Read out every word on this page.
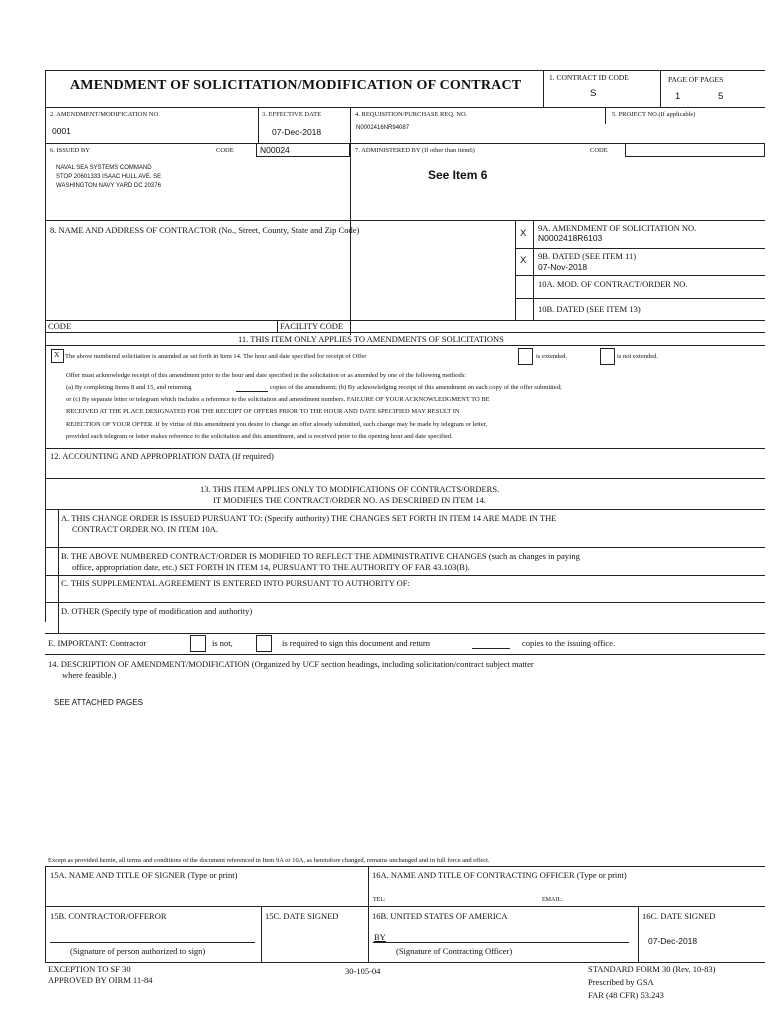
AMENDMENT OF SOLICITATION/MODIFICATION OF CONTRACT
1. CONTRACT ID CODE
S
PAGE OF PAGES
1	5
2. AMENDMENT/MODIFICATION NO.
0001
3. EFFECTIVE DATE
07-Dec-2018
4. REQUISITION/PURCHASE REQ. NO.
N0002416NR94087
5. PROJECT NO.(If applicable)
6. ISSUED BY	CODE	N00024	7. ADMINISTERED BY (If other than item6)	CODE
NAVAL SEA SYSTEMS COMMAND
STOP 20601333 ISAAC HULL AVE. SE
WASHINGTON NAVY YARD DC 20376
See Item 6
8. NAME AND ADDRESS OF CONTRACTOR (No., Street, County, State and Zip Code)
CODE	FACILITY CODE
X 9A. AMENDMENT OF SOLICITATION NO.
N0002418R6103
X 9B. DATED (SEE ITEM 11)
07-Nov-2018
10A. MOD. OF CONTRACT/ORDER NO.
10B. DATED (SEE ITEM 13)
11. THIS ITEM ONLY APPLIES TO AMENDMENTS OF SOLICITATIONS
X The above numbered solicitation is amended as set forth in Item 14. The hour and date specified for receipt of Offer	is extended.	is not extended.
Offer must acknowledge receipt of this amendment prior to the hour and date specified in the solicitation or as amended by one of the following methods:
(a) By completing Items 8 and 15, and returning	copies of the amendment; (b) By acknowledging receipt of this amendment on each copy of the offer submitted;
or (c) By separate letter or telegram which includes a reference to the solicitation and amendment numbers. FAILURE OF YOUR ACKNOWLEDGMENT TO BE
RECEIVED AT THE PLACE DESIGNATED FOR THE RECEIPT OF OFFERS PRIOR TO THE HOUR AND DATE SPECIFIED MAY RESULT IN
REJECTION OF YOUR OFFER. If by virtue of this amendment you desire to change an offer already submitted, such change may be made by telegram or letter,
provided each telegram or letter makes reference to the solicitation and this amendment, and is received prior to the opening hour and date specified.
12. ACCOUNTING AND APPROPRIATION DATA (If required)
13. THIS ITEM APPLIES ONLY TO MODIFICATIONS OF CONTRACTS/ORDERS.
IT MODIFIES THE CONTRACT/ORDER NO. AS DESCRIBED IN ITEM 14.
A. THIS CHANGE ORDER IS ISSUED PURSUANT TO: (Specify authority) THE CHANGES SET FORTH IN ITEM 14 ARE MADE IN THE
CONTRACT ORDER NO. IN ITEM 10A.
B. THE ABOVE NUMBERED CONTRACT/ORDER IS MODIFIED TO REFLECT THE ADMINISTRATIVE CHANGES (such as changes in paying
office, appropriation date, etc.) SET FORTH IN ITEM 14, PURSUANT TO THE AUTHORITY OF FAR 43.103(B).
C. THIS SUPPLEMENTAL AGREEMENT IS ENTERED INTO PURSUANT TO AUTHORITY OF:
D. OTHER (Specify type of modification and authority)
E. IMPORTANT: Contractor	is not,	is required to sign this document and return	copies to the issuing office.
14. DESCRIPTION OF AMENDMENT/MODIFICATION (Organized by UCF section headings, including solicitation/contract subject matter
where feasible.)
SEE ATTACHED PAGES
Except as provided herein, all terms and conditions of the document referenced in Item 9A or 10A, as heretofore changed, remains unchanged and in full force and effect.
15A. NAME AND TITLE OF SIGNER (Type or print)	16A. NAME AND TITLE OF CONTRACTING OFFICER (Type or print)
TEL:	EMAIL:
15B. CONTRACTOR/OFFEROR	15C. DATE SIGNED	16B. UNITED STATES OF AMERICA	16C. DATE SIGNED
(Signature of person authorized to sign)
BY
(Signature of Contracting Officer)
07-Dec-2018
EXCEPTION TO SF 30
APPROVED BY OIRM 11-84
30-105-04	STANDARD FORM 30 (Rev. 10-83)
Prescribed by GSA
FAR (48 CFR) 53.243
